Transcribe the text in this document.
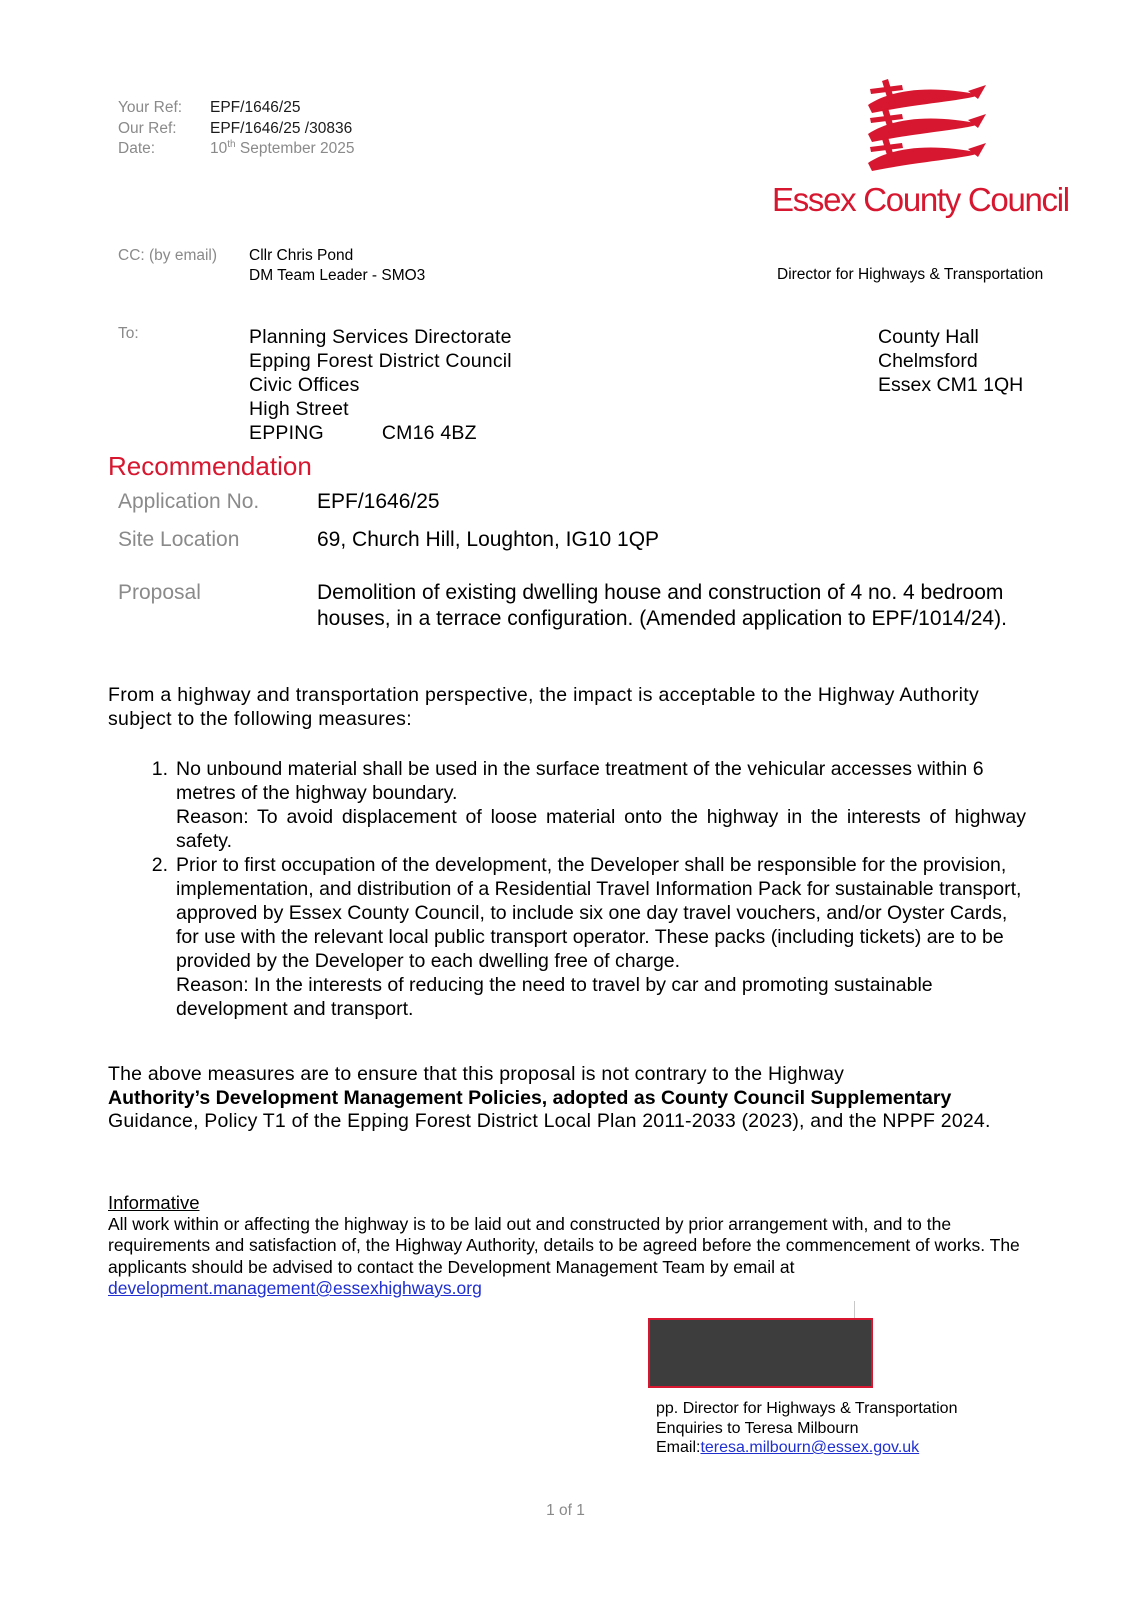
Your Ref:	EPF/1646/25
Our Ref:	EPF/1646/25 /30836
Date:	10th September 2025
Essex County Council
CC: (by email)	Cllr Chris Pond
DM Team Leader - SMO3	Director for Highways & Transportation
To:	Planning Services Directorate
Epping Forest District Council
Civic Offices
High Street
EPPING	CM16 4BZ
County Hall
Chelmsford
Essex CM1 1QH
Recommendation
Application No.	EPF/1646/25
Site Location	69, Church Hill, Loughton, IG10 1QP
Proposal	Demolition of existing dwelling house and construction of 4 no. 4 bedroom houses, in a terrace configuration. (Amended application to EPF/1014/24).
From a highway and transportation perspective, the impact is acceptable to the Highway Authority subject to the following measures:
1. No unbound material shall be used in the surface treatment of the vehicular accesses within 6 metres of the highway boundary.
Reason: To avoid displacement of loose material onto the highway in the interests of highway safety.
2. Prior to first occupation of the development, the Developer shall be responsible for the provision, implementation, and distribution of a Residential Travel Information Pack for sustainable transport, approved by Essex County Council, to include six one day travel vouchers, and/or Oyster Cards, for use with the relevant local public transport operator. These packs (including tickets) are to be provided by the Developer to each dwelling free of charge.
Reason: In the interests of reducing the need to travel by car and promoting sustainable development and transport.
The above measures are to ensure that this proposal is not contrary to the Highway
Authority’s Development Management Policies, adopted as County Council Supplementary
Guidance, Policy T1 of the Epping Forest District Local Plan 2011-2033 (2023), and the NPPF 2024.
Informative
All work within or affecting the highway is to be laid out and constructed by prior arrangement with, and to the requirements and satisfaction of, the Highway Authority, details to be agreed before the commencement of works. The applicants should be advised to contact the Development Management Team by email at
development.management@essexhighways.org
pp. Director for Highways & Transportation
Enquiries to Teresa Milbourn
Email:teresa.milbourn@essex.gov.uk
1 of 1
